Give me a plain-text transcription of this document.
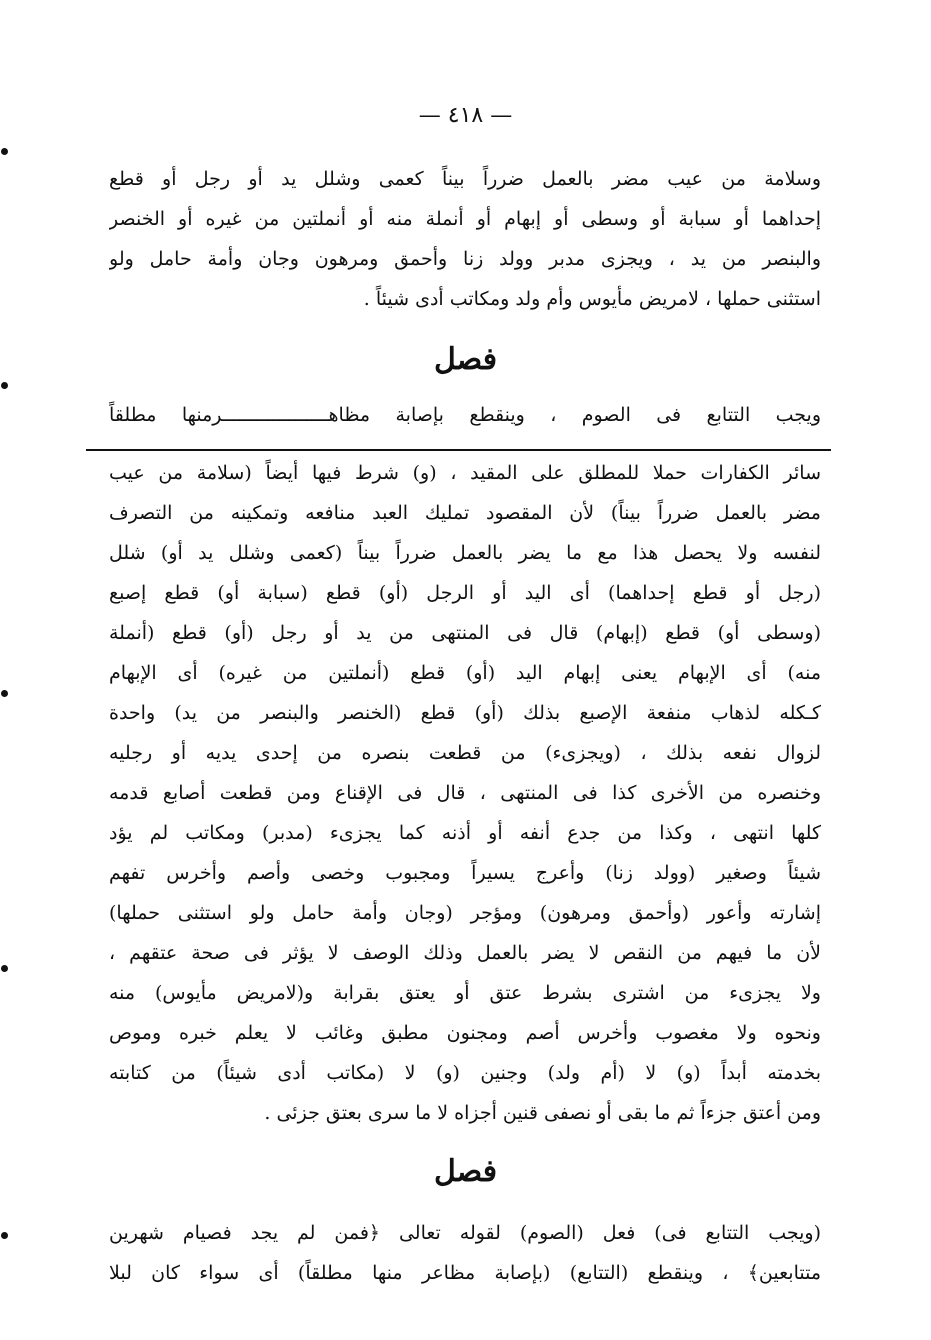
— ٤١٨ —
وسلامة من عيب مضر بالعمل ضرراً بيناً كعمى وشلل يد أو رجل أو قطع
إحداهما أو سبابة أو وسطى أو إبهام أو أنملة منه أو أنملتين من غيره أو الخنصر
والبنصر من يد ، ويجزى مدبر وولد زنا وأحمق ومرهون وجان وأمة حامل ولو
استثنى حملها ، لامريض مأيوس وأم ولد ومكاتب أدى شيئاً .
فصل
ويجب التتابع فى الصوم ، وينقطع بإصابة مظاهـــــــــــــــــــرمنها مطلقاً
سائر الكفارات حملا للمطلق على المقيد ، (و) شرط فيها أيضاً (سلامة من عيب
مضر بالعمل ضرراً بيناً) لأن المقصود تمليك العبد منافعه وتمكينه من التصرف
لنفسه ولا يحصل هذا مع ما يضر بالعمل ضرراً بيناً (كعمى وشلل يد أو) شلل
(رجل أو قطع إحداهما) أى اليد أو الرجل (أو) قطع (سبابة أو) قطع إصبع
(وسطى أو) قطع (إبهام) قال فى المنتهى من يد أو رجل (أو) قطع (أنملة
منه) أى الإبهام يعنى إبهام اليد (أو) قطع (أنملتين من غيره) أى الإبهام
كـكله لذهاب منفعة الإصبع بذلك (أو) قطع (الخنصر والبنصر من يد) واحدة
لزوال نفعه بذلك ، (ويجزىء) من قطعت بنصره من إحدى يديه أو رجليه
وخنصره من الأخرى كذا فى المنتهى ، قال فى الإقناع ومن قطعت أصابع قدمه
كلها انتهى ، وكذا من جدع أنفه أو أذنه كما يجزىء (مدبر) ومكاتب لم يؤد
شيئاً وصغير (وولد زنا) وأعرج يسيراً ومجبوب وخصى وأصم وأخرس تفهم
إشارته وأعور (وأحمق ومرهون) ومؤجر (وجان وأمة حامل ولو استثنى حملها)
لأن ما فيهم من النقص لا يضر بالعمل وذلك الوصف لا يؤثر فى صحة عتقهم ،
ولا يجزىء من اشترى بشرط عتق أو يعتق بقرابة و(لامريض مأيوس) منه
ونحوه ولا مغصوب وأخرس أصم ومجنون مطبق وغائب لا يعلم خبره وموص
بخدمته أبداً (و) لا (أم ولد) وجنين (و) لا (مكاتب أدى شيئاً) من كتابته
ومن أعتق جزءاً ثم ما بقى أو نصفى قنين أجزاه لا ما سرى بعتق جزئى .
فصل
(ويجب التتابع فى) فعل (الصوم) لقوله تعالى ﴿فمن لم يجد فصيام شهرين
متتابعين﴾ ، وينقطع (التتابع) (بإصابة مظاعر منها مطلقاً) أى سواء كان لبلا
